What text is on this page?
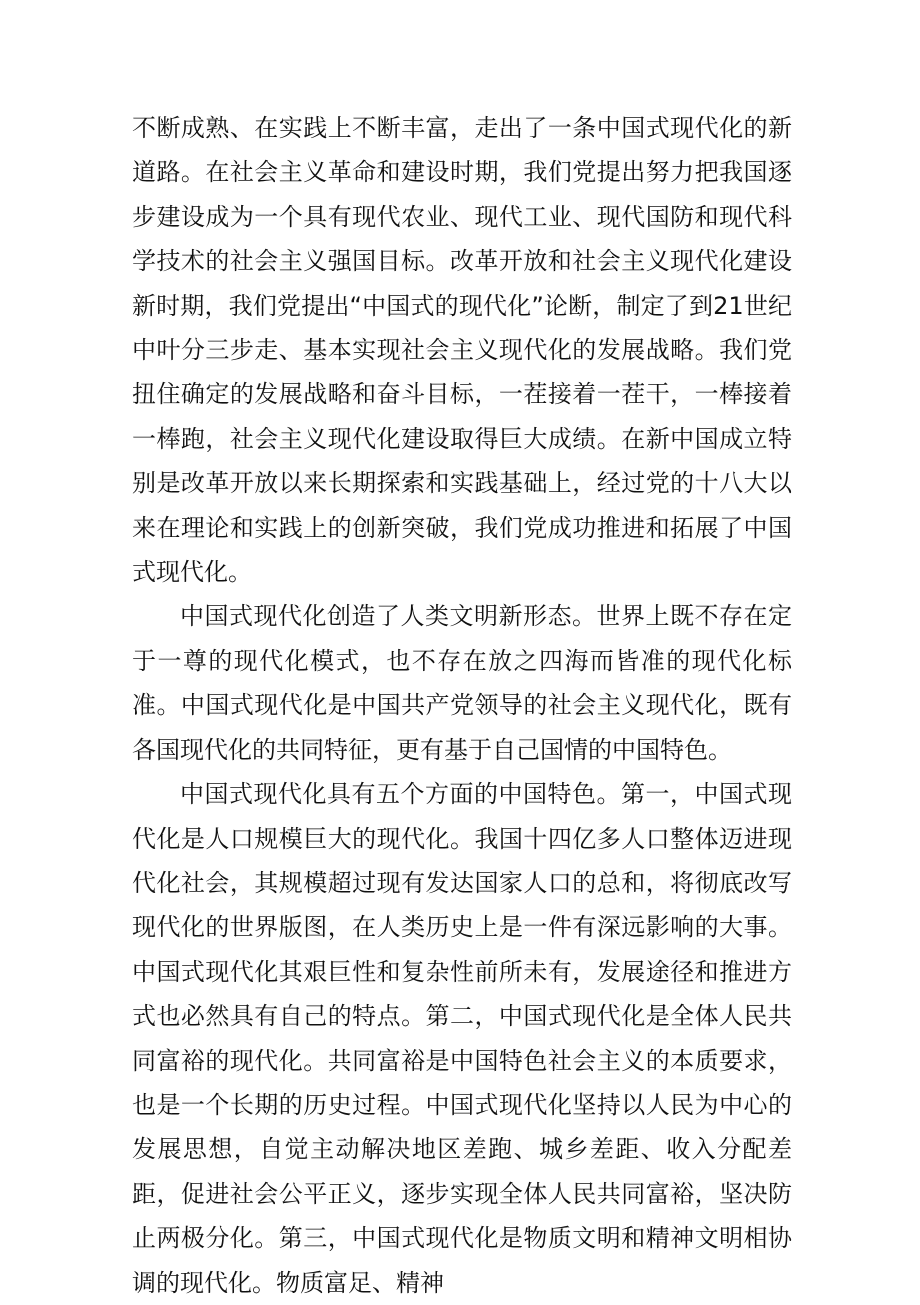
不断成熟、在实践上不断丰富，走出了一条中国式现代化的新道路。在社会主义革命和建设时期，我们党提出努力把我国逐步建设成为一个具有现代农业、现代工业、现代国防和现代科学技术的社会主义强国目标。改革开放和社会主义现代化建设新时期，我们党提出“中国式的现代化”论断，制定了到21世纪中叶分三步走、基本实现社会主义现代化的发展战略。我们党扭住确定的发展战略和奋斗目标，一茬接着一茬干，一棒接着一棒跑，社会主义现代化建设取得巨大成绩。在新中国成立特别是改革开放以来长期探索和实践基础上，经过党的十八大以来在理论和实践上的创新突破，我们党成功推进和拓展了中国式现代化。

中国式现代化创造了人类文明新形态。世界上既不存在定于一尊的现代化模式，也不存在放之四海而皆准的现代化标准。中国式现代化是中国共产党领导的社会主义现代化，既有各国现代化的共同特征，更有基于自己国情的中国特色。

中国式现代化具有五个方面的中国特色。第一，中国式现代化是人口规模巨大的现代化。我国十四亿多人口整体迈进现代化社会，其规模超过现有发达国家人口的总和，将彻底改写现代化的世界版图，在人类历史上是一件有深远影响的大事。中国式现代化其艰巨性和复杂性前所未有，发展途径和推进方式也必然具有自己的特点。第二，中国式现代化是全体人民共同富裕的现代化。共同富裕是中国特色社会主义的本质要求，也是一个长期的历史过程。中国式现代化坚持以人民为中心的发展思想，自觉主动解决地区差跑、城乡差距、收入分配差距，促进社会公平正义，逐步实现全体人民共同富裕，坚决防止两极分化。第三，中国式现代化是物质文明和精神文明相协调的现代化。物质富足、精神
